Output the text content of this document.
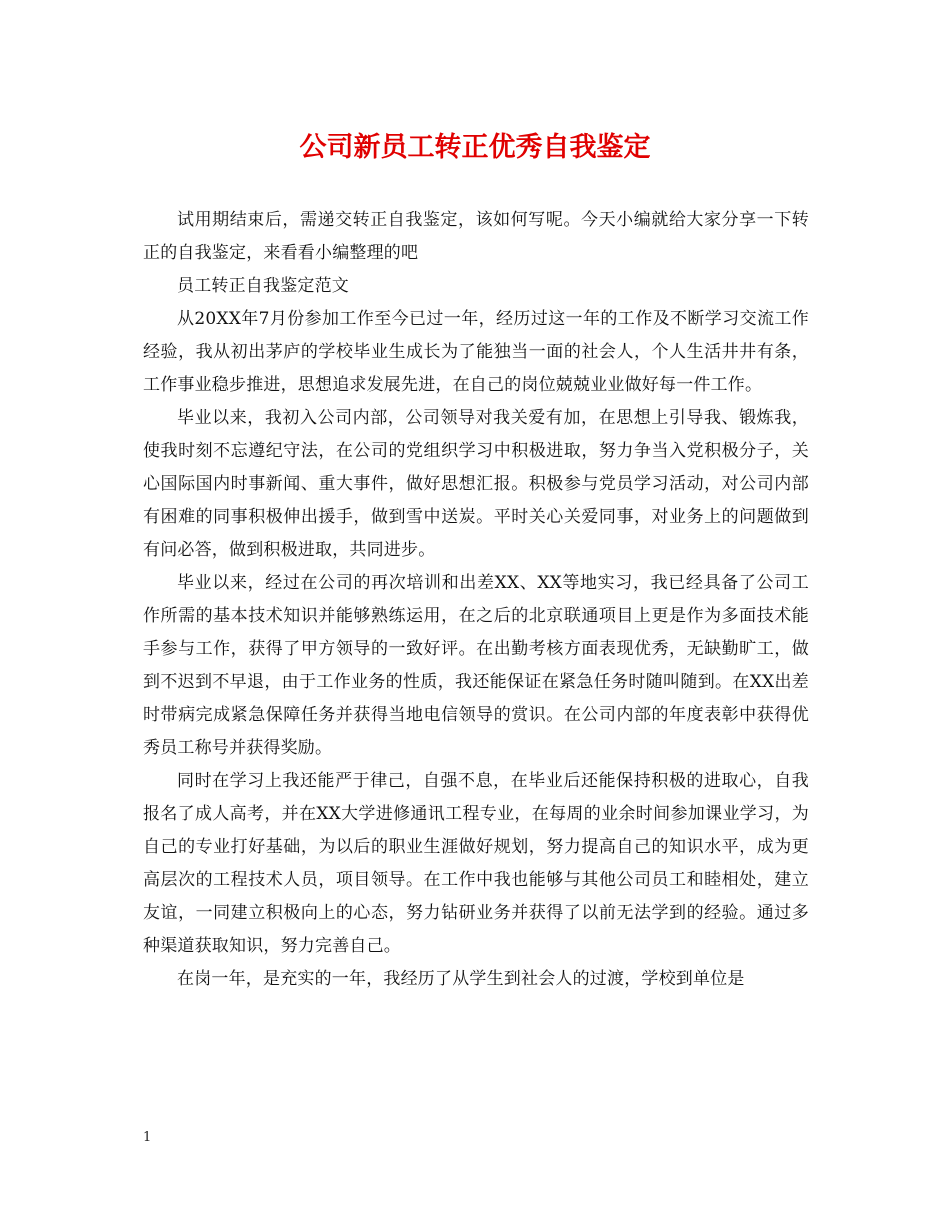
公司新员工转正优秀自我鉴定

试用期结束后，需递交转正自我鉴定，该如何写呢。今天小编就给大家分享一下转正的自我鉴定，来看看小编整理的吧

员工转正自我鉴定范文

从20XX年7月份参加工作至今已过一年，经历过这一年的工作及不断学习交流工作经验，我从初出茅庐的学校毕业生成长为了能独当一面的社会人，个人生活井井有条，工作事业稳步推进，思想追求发展先进，在自己的岗位兢兢业业做好每一件工作。

毕业以来，我初入公司内部，公司领导对我关爱有加，在思想上引导我、锻炼我，使我时刻不忘遵纪守法，在公司的党组织学习中积极进取，努力争当入党积极分子，关心国际国内时事新闻、重大事件，做好思想汇报。积极参与党员学习活动，对公司内部有困难的同事积极伸出援手，做到雪中送炭。平时关心关爱同事，对业务上的问题做到有问必答，做到积极进取，共同进步。

毕业以来，经过在公司的再次培训和出差XX、XX等地实习，我已经具备了公司工作所需的基本技术知识并能够熟练运用，在之后的北京联通项目上更是作为多面技术能手参与工作，获得了甲方领导的一致好评。在出勤考核方面表现优秀，无缺勤旷工，做到不迟到不早退，由于工作业务的性质，我还能保证在紧急任务时随叫随到。在XX出差时带病完成紧急保障任务并获得当地电信领导的赏识。在公司内部的年度表彰中获得优秀员工称号并获得奖励。

同时在学习上我还能严于律己，自强不息，在毕业后还能保持积极的进取心，自我报名了成人高考，并在XX大学进修通讯工程专业，在每周的业余时间参加课业学习，为自己的专业打好基础，为以后的职业生涯做好规划，努力提高自己的知识水平，成为更高层次的工程技术人员，项目领导。在工作中我也能够与其他公司员工和睦相处，建立友谊，一同建立积极向上的心态，努力钻研业务并获得了以前无法学到的经验。通过多种渠道获取知识，努力完善自己。

在岗一年，是充实的一年，我经历了从学生到社会人的过渡，学校到单位是

1
